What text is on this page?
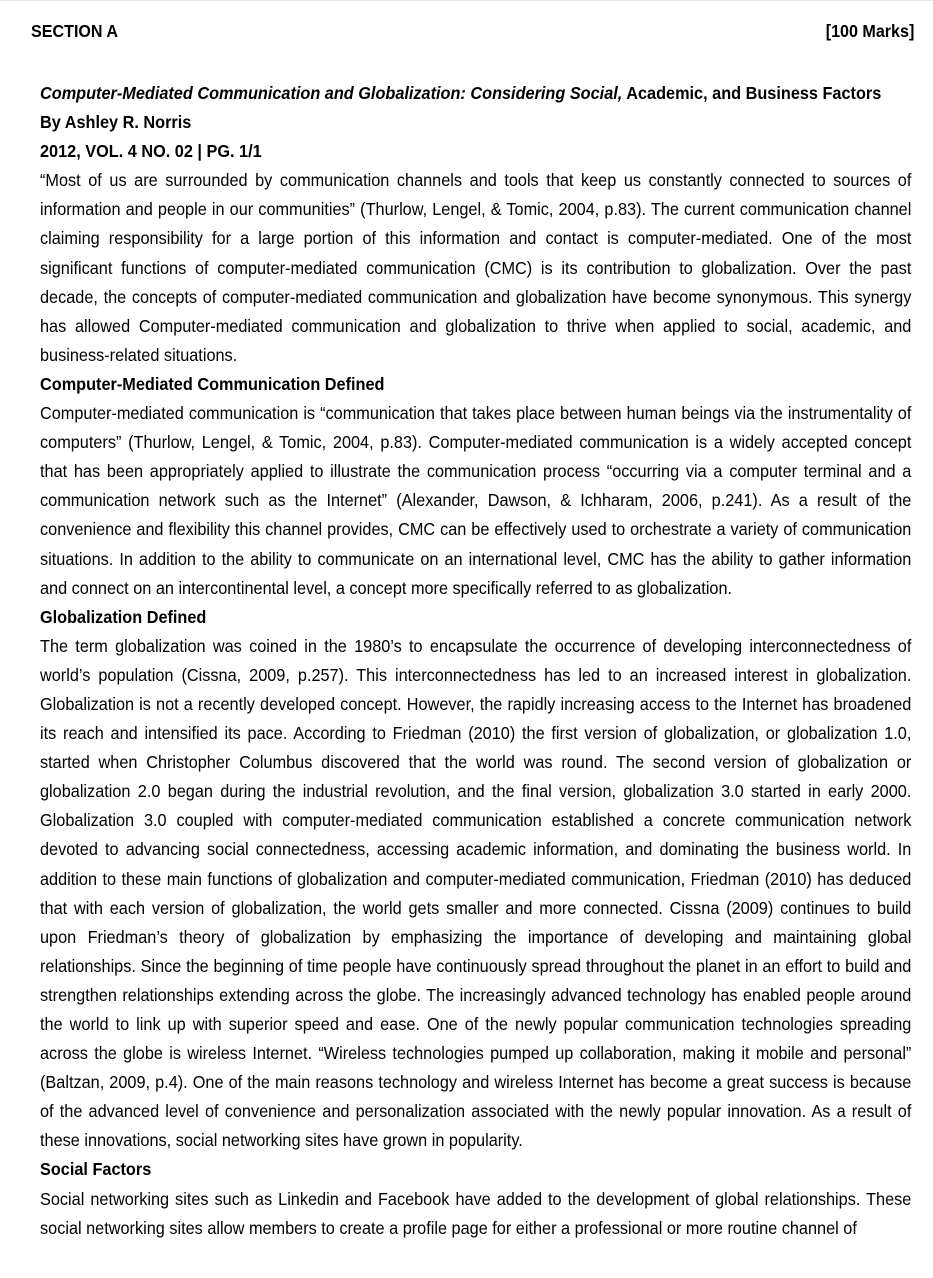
SECTION A	[100 Marks]

Computer-Mediated Communication and Globalization: Considering Social, Academic, and Business Factors

By Ashley R. Norris

2012, VOL. 4 NO. 02 | PG. 1/1

“Most of us are surrounded by communication channels and tools that keep us constantly connected to sources of information and people in our communities” (Thurlow, Lengel, & Tomic, 2004, p.83). The current communication channel claiming responsibility for a large portion of this information and contact is computer-mediated. One of the most significant functions of computer-mediated communication (CMC) is its contribution to globalization. Over the past decade, the concepts of computer-mediated communication and globalization have become synonymous. This synergy has allowed Computer-mediated communication and globalization to thrive when applied to social, academic, and business-related situations.

Computer-Mediated Communication Defined

Computer-mediated communication is “communication that takes place between human beings via the instrumentality of computers” (Thurlow, Lengel, & Tomic, 2004, p.83). Computer-mediated communication is a widely accepted concept that has been appropriately applied to illustrate the communication process “occurring via a computer terminal and a communication network such as the Internet” (Alexander, Dawson, & Ichharam, 2006, p.241). As a result of the convenience and flexibility this channel provides, CMC can be effectively used to orchestrate a variety of communication situations. In addition to the ability to communicate on an international level, CMC has the ability to gather information and connect on an intercontinental level, a concept more specifically referred to as globalization.

Globalization Defined

The term globalization was coined in the 1980’s to encapsulate the occurrence of developing interconnectedness of world’s population (Cissna, 2009, p.257). This interconnectedness has led to an increased interest in globalization. Globalization is not a recently developed concept. However, the rapidly increasing access to the Internet has broadened its reach and intensified its pace. According to Friedman (2010) the first version of globalization, or globalization 1.0, started when Christopher Columbus discovered that the world was round. The second version of globalization or globalization 2.0 began during the industrial revolution, and the final version, globalization 3.0 started in early 2000. Globalization 3.0 coupled with computer-mediated communication established a concrete communication network devoted to advancing social connectedness, accessing academic information, and dominating the business world. In addition to these main functions of globalization and computer-mediated communication, Friedman (2010) has deduced that with each version of globalization, the world gets smaller and more connected. Cissna (2009) continues to build upon Friedman’s theory of globalization by emphasizing the importance of developing and maintaining global relationships. Since the beginning of time people have continuously spread throughout the planet in an effort to build and strengthen relationships extending across the globe. The increasingly advanced technology has enabled people around the world to link up with superior speed and ease. One of the newly popular communication technologies spreading across the globe is wireless Internet. “Wireless technologies pumped up collaboration, making it mobile and personal” (Baltzan, 2009, p.4). One of the main reasons technology and wireless Internet has become a great success is because of the advanced level of convenience and personalization associated with the newly popular innovation. As a result of these innovations, social networking sites have grown in popularity.

Social Factors

Social networking sites such as Linkedin and Facebook have added to the development of global relationships. These social networking sites allow members to create a profile page for either a professional or more routine channel of
